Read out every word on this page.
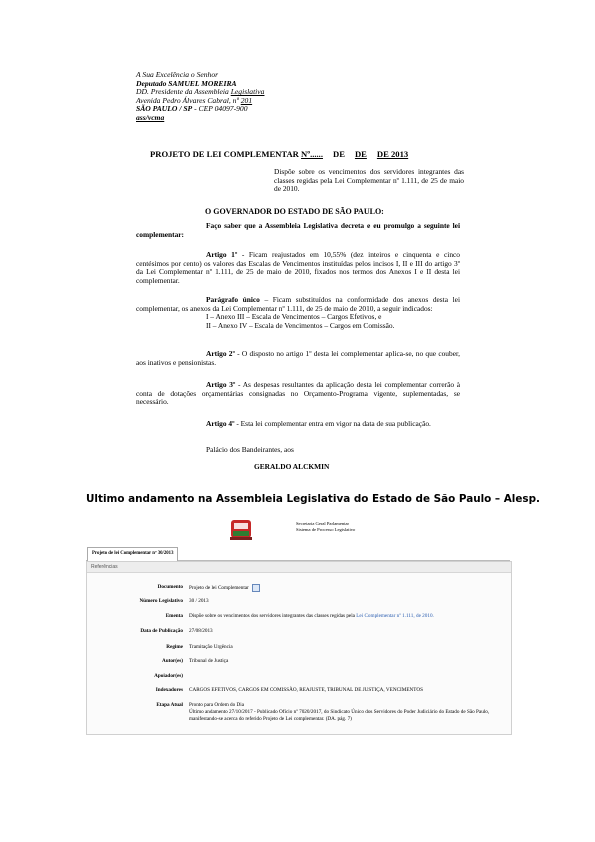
A Sua Excelência o Senhor
Deputado SAMUEL MOREIRA
DD. Presidente da Assembleia Legislativa
Avenida Pedro Álvares Cabral, nº 201
SÃO PAULO / SP - CEP 04097-900
ass/vcma
PROJETO DE LEI COMPLEMENTAR Nº...... DE DE DE 2013
Dispõe sobre os vencimentos dos servidores integrantes das classes regidas pela Lei Complementar nº 1.111, de 25 de maio de 2010.
O GOVERNADOR DO ESTADO DE SÃO PAULO:

Faço saber que a Assembleia Legislativa decreta e eu promulgo a seguinte lei complementar:

Artigo 1º - Ficam reajustados em 10,55% (dez inteiros e cinquenta e cinco centésimos por cento) os valores das Escalas de Vencimentos instituídas pelos incisos I, II e III do artigo 3º da Lei Complementar nº 1.111, de 25 de maio de 2010, fixados nos termos dos Anexos I e II desta lei complementar.

Parágrafo único – Ficam substituídos na conformidade dos anexos desta lei complementar, os anexos da Lei Complementar nº 1.111, de 25 de maio de 2010, a seguir indicados:

I – Anexo III – Escala de Vencimentos – Cargos Efetivos, e
II – Anexo IV – Escala de Vencimentos – Cargos em Comissão.

Artigo 2º - O disposto no artigo 1º desta lei complementar aplica-se, no que couber, aos inativos e pensionistas.

Artigo 3º - As despesas resultantes da aplicação desta lei complementar correrão à conta de dotações orçamentárias consignadas no Orçamento-Programa vigente, suplementadas, se necessário.

Artigo 4º - Esta lei complementar entra em vigor na data de sua publicação.

Palácio dos Bandeirantes, aos

GERALDO ALCKMIN
Ultimo andamento na Assembleia Legislativa do Estado de São Paulo – Alesp.
Secretaria Geral Parlamentar
Sistema de Processo Legislativo
Projeto de lei Complementar nº 30/2013
Referências
Documento Projeto de lei Complementar
Número Legislativo 30 / 2013
Ementa Dispõe sobre os vencimentos dos servidores integrantes das classes regidas pela Lei Complementar nº 1.111, de 2010.
Data de Publicação 27/08/2013
Regime Tramitação Urgência
Autor(es) Tribunal de Justiça
Apoiador(es)
Indexadores CARGOS EFETIVOS, CARGOS EM COMISSÃO, REAJUSTE, TRIBUNAL DE JUSTIÇA, VENCIMENTOS
Etapa Atual Pronto para Ordem do Dia
Último andamento 27/10/2017 - Publicado Ofício nº 7020/2017, do Sindicato Único dos Servidores do Poder Judiciário do Estado de São Paulo, manifestando-se acerca do referido Projeto de Lei complementar. (DA. pág. 7)
